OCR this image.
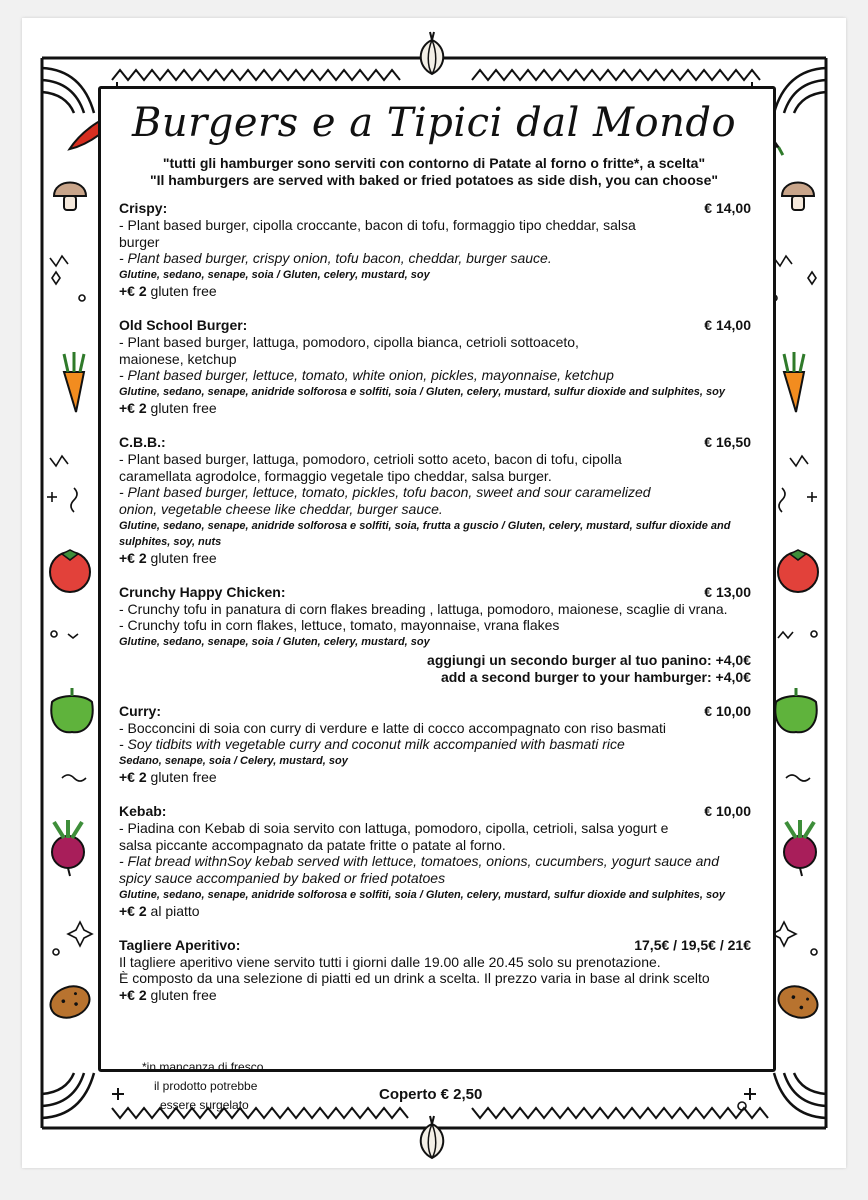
Burgers e a Tipici dal Mondo
"tutti gli hamburger sono serviti con contorno di Patate al forno o fritte*, a scelta"
"Il hamburgers are served with baked or fried potatoes as side dish, you can choose"
Crispy:	€ 14,00
- Plant based burger, cipolla croccante, bacon di tofu, formaggio tipo cheddar, salsa burger
- Plant based burger, crispy onion, tofu bacon, cheddar, burger sauce.
Glutine, sedano, senape, soia / Gluten, celery, mustard, soy
+€ 2 gluten free
Old School Burger:	€ 14,00
- Plant based burger, lattuga, pomodoro, cipolla bianca, cetrioli sottoaceto, maionese, ketchup
- Plant based burger, lettuce, tomato, white onion, pickles, mayonnaise, ketchup
Glutine, sedano, senape, anidride solforosa e solfiti, soia / Gluten, celery, mustard, sulfur dioxide and sulphites, soy
+€ 2 gluten free
C.B.B.:	€ 16,50
- Plant based burger, lattuga, pomodoro, cetrioli sotto aceto, bacon di tofu, cipolla caramellata agrodolce, formaggio vegetale tipo cheddar, salsa burger.
- Plant based burger, lettuce, tomato, pickles, tofu bacon, sweet and sour caramelized onion, vegetable cheese like cheddar, burger sauce.
Glutine, sedano, senape, anidride solforosa e solfiti, soia, frutta a guscio / Gluten, celery, mustard, sulfur dioxide and sulphites, soy, nuts
+€ 2 gluten free
Crunchy Happy Chicken:	€ 13,00
- Crunchy tofu in panatura di corn flakes breading , lattuga, pomodoro, maionese, scaglie di vrana.
- Crunchy tofu in corn flakes, lettuce, tomato, mayonnaise, vrana flakes
Glutine, sedano, senape, soia / Gluten, celery, mustard, soy
aggiungi un secondo burger al tuo panino: +4,0€
add a second burger to your hamburger: +4,0€
Curry:	€ 10,00
- Bocconcini di soia con curry di verdure e latte di cocco accompagnato con riso basmati
- Soy tidbits with vegetable curry and coconut milk accompanied with basmati rice
Sedano, senape, soia / Celery, mustard, soy
+€ 2 gluten free
Kebab:	€ 10,00
- Piadina con Kebab di soia servito con lattuga, pomodoro, cipolla, cetrioli, salsa yogurt e salsa piccante accompagnato da patate fritte o patate al forno.
- Flat bread withnSoy kebab served with lettuce, tomatoes, onions, cucumbers, yogurt sauce and spicy sauce accompanied by baked or fried potatoes
Glutine, sedano, senape, anidride solforosa e solfiti, soia / Gluten, celery, mustard, sulfur dioxide and sulphites, soy
+€ 2 al piatto
Tagliere Aperitivo:	17,5€ / 19,5€ / 21€
Il tagliere aperitivo viene servito tutti i giorni dalle 19.00 alle 20.45 solo su prenotazione.
È composto da una selezione di piatti ed un drink a scelta. Il prezzo varia in base al drink scelto
+€ 2 gluten free
*in mancanza di fresco
il prodotto potrebbe
essere surgelato
Coperto € 2,50
